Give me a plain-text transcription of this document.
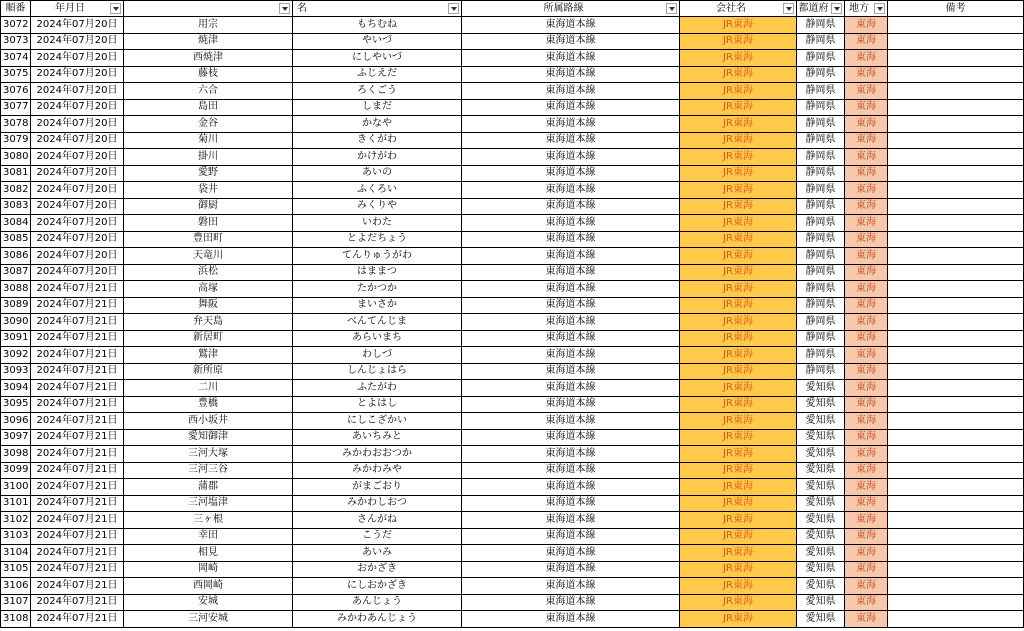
順番	年月日	名	所属路線	会社名	都道府	地方	備考
3072 2024年07月20日	用宗	もちむね	東海道本線	JR東海	静岡県 東海
3073 2024年07月20日	焼津	やいづ	東海道本線	JR東海	静岡県 東海
3074 2024年07月20日	西焼津	にしやいづ	東海道本線	JR東海	静岡県 東海
3075 2024年07月20日	藤枝	ふじえだ	東海道本線	JR東海	静岡県 東海
3076 2024年07月20日	六合	ろくごう	東海道本線	JR東海	静岡県 東海
3077 2024年07月20日	島田	しまだ	東海道本線	JR東海	静岡県 東海
3078 2024年07月20日	金谷	かなや	東海道本線	JR東海	静岡県 東海
3079 2024年07月20日	菊川	きくがわ	東海道本線	JR東海	静岡県 東海
3080 2024年07月20日	掛川	かけがわ	東海道本線	JR東海	静岡県 東海
3081 2024年07月20日	愛野	あいの	東海道本線	JR東海	静岡県 東海
3082 2024年07月20日	袋井	ふくろい	東海道本線	JR東海	静岡県 東海
3083 2024年07月20日	御厨	みくりや	東海道本線	JR東海	静岡県 東海
3084 2024年07月20日	磐田	いわた	東海道本線	JR東海	静岡県 東海
3085 2024年07月20日	豊田町	とよだちょう	東海道本線	JR東海	静岡県 東海
3086 2024年07月20日	天竜川	てんりゅうがわ	東海道本線	JR東海	静岡県 東海
3087 2024年07月20日	浜松	はままつ	東海道本線	JR東海	静岡県 東海
3088 2024年07月21日	高塚	たかつか	東海道本線	JR東海	静岡県 東海
3089 2024年07月21日	舞阪	まいさか	東海道本線	JR東海	静岡県 東海
3090 2024年07月21日	弁天島	べんてんじま	東海道本線	JR東海	静岡県 東海
3091 2024年07月21日	新居町	あらいまち	東海道本線	JR東海	静岡県 東海
3092 2024年07月21日	鷲津	わしづ	東海道本線	JR東海	静岡県 東海
3093 2024年07月21日	新所原	しんじょはら	東海道本線	JR東海	静岡県 東海
3094 2024年07月21日	二川	ふたがわ	東海道本線	JR東海	愛知県 東海
3095 2024年07月21日	豊橋	とよはし	東海道本線	JR東海	愛知県 東海
3096 2024年07月21日	西小坂井	にしこざかい	東海道本線	JR東海	愛知県 東海
3097 2024年07月21日	愛知御津	あいちみと	東海道本線	JR東海	愛知県 東海
3098 2024年07月21日	三河大塚	みかわおおつか	東海道本線	JR東海	愛知県 東海
3099 2024年07月21日	三河三谷	みかわみや	東海道本線	JR東海	愛知県 東海
3100 2024年07月21日	蒲郡	がまごおり	東海道本線	JR東海	愛知県 東海
3101 2024年07月21日	三河塩津	みかわしおつ	東海道本線	JR東海	愛知県 東海
3102 2024年07月21日	三ヶ根	さんがね	東海道本線	JR東海	愛知県 東海
3103 2024年07月21日	幸田	こうだ	東海道本線	JR東海	愛知県 東海
3104 2024年07月21日	相見	あいみ	東海道本線	JR東海	愛知県 東海
3105 2024年07月21日	岡崎	おかざき	東海道本線	JR東海	愛知県 東海
3106 2024年07月21日	西岡崎	にしおかざき	東海道本線	JR東海	愛知県 東海
3107 2024年07月21日	安城	あんじょう	東海道本線	JR東海	愛知県 東海
3108 2024年07月21日	三河安城	みかわあんじょう	東海道本線	JR東海	愛知県 東海
